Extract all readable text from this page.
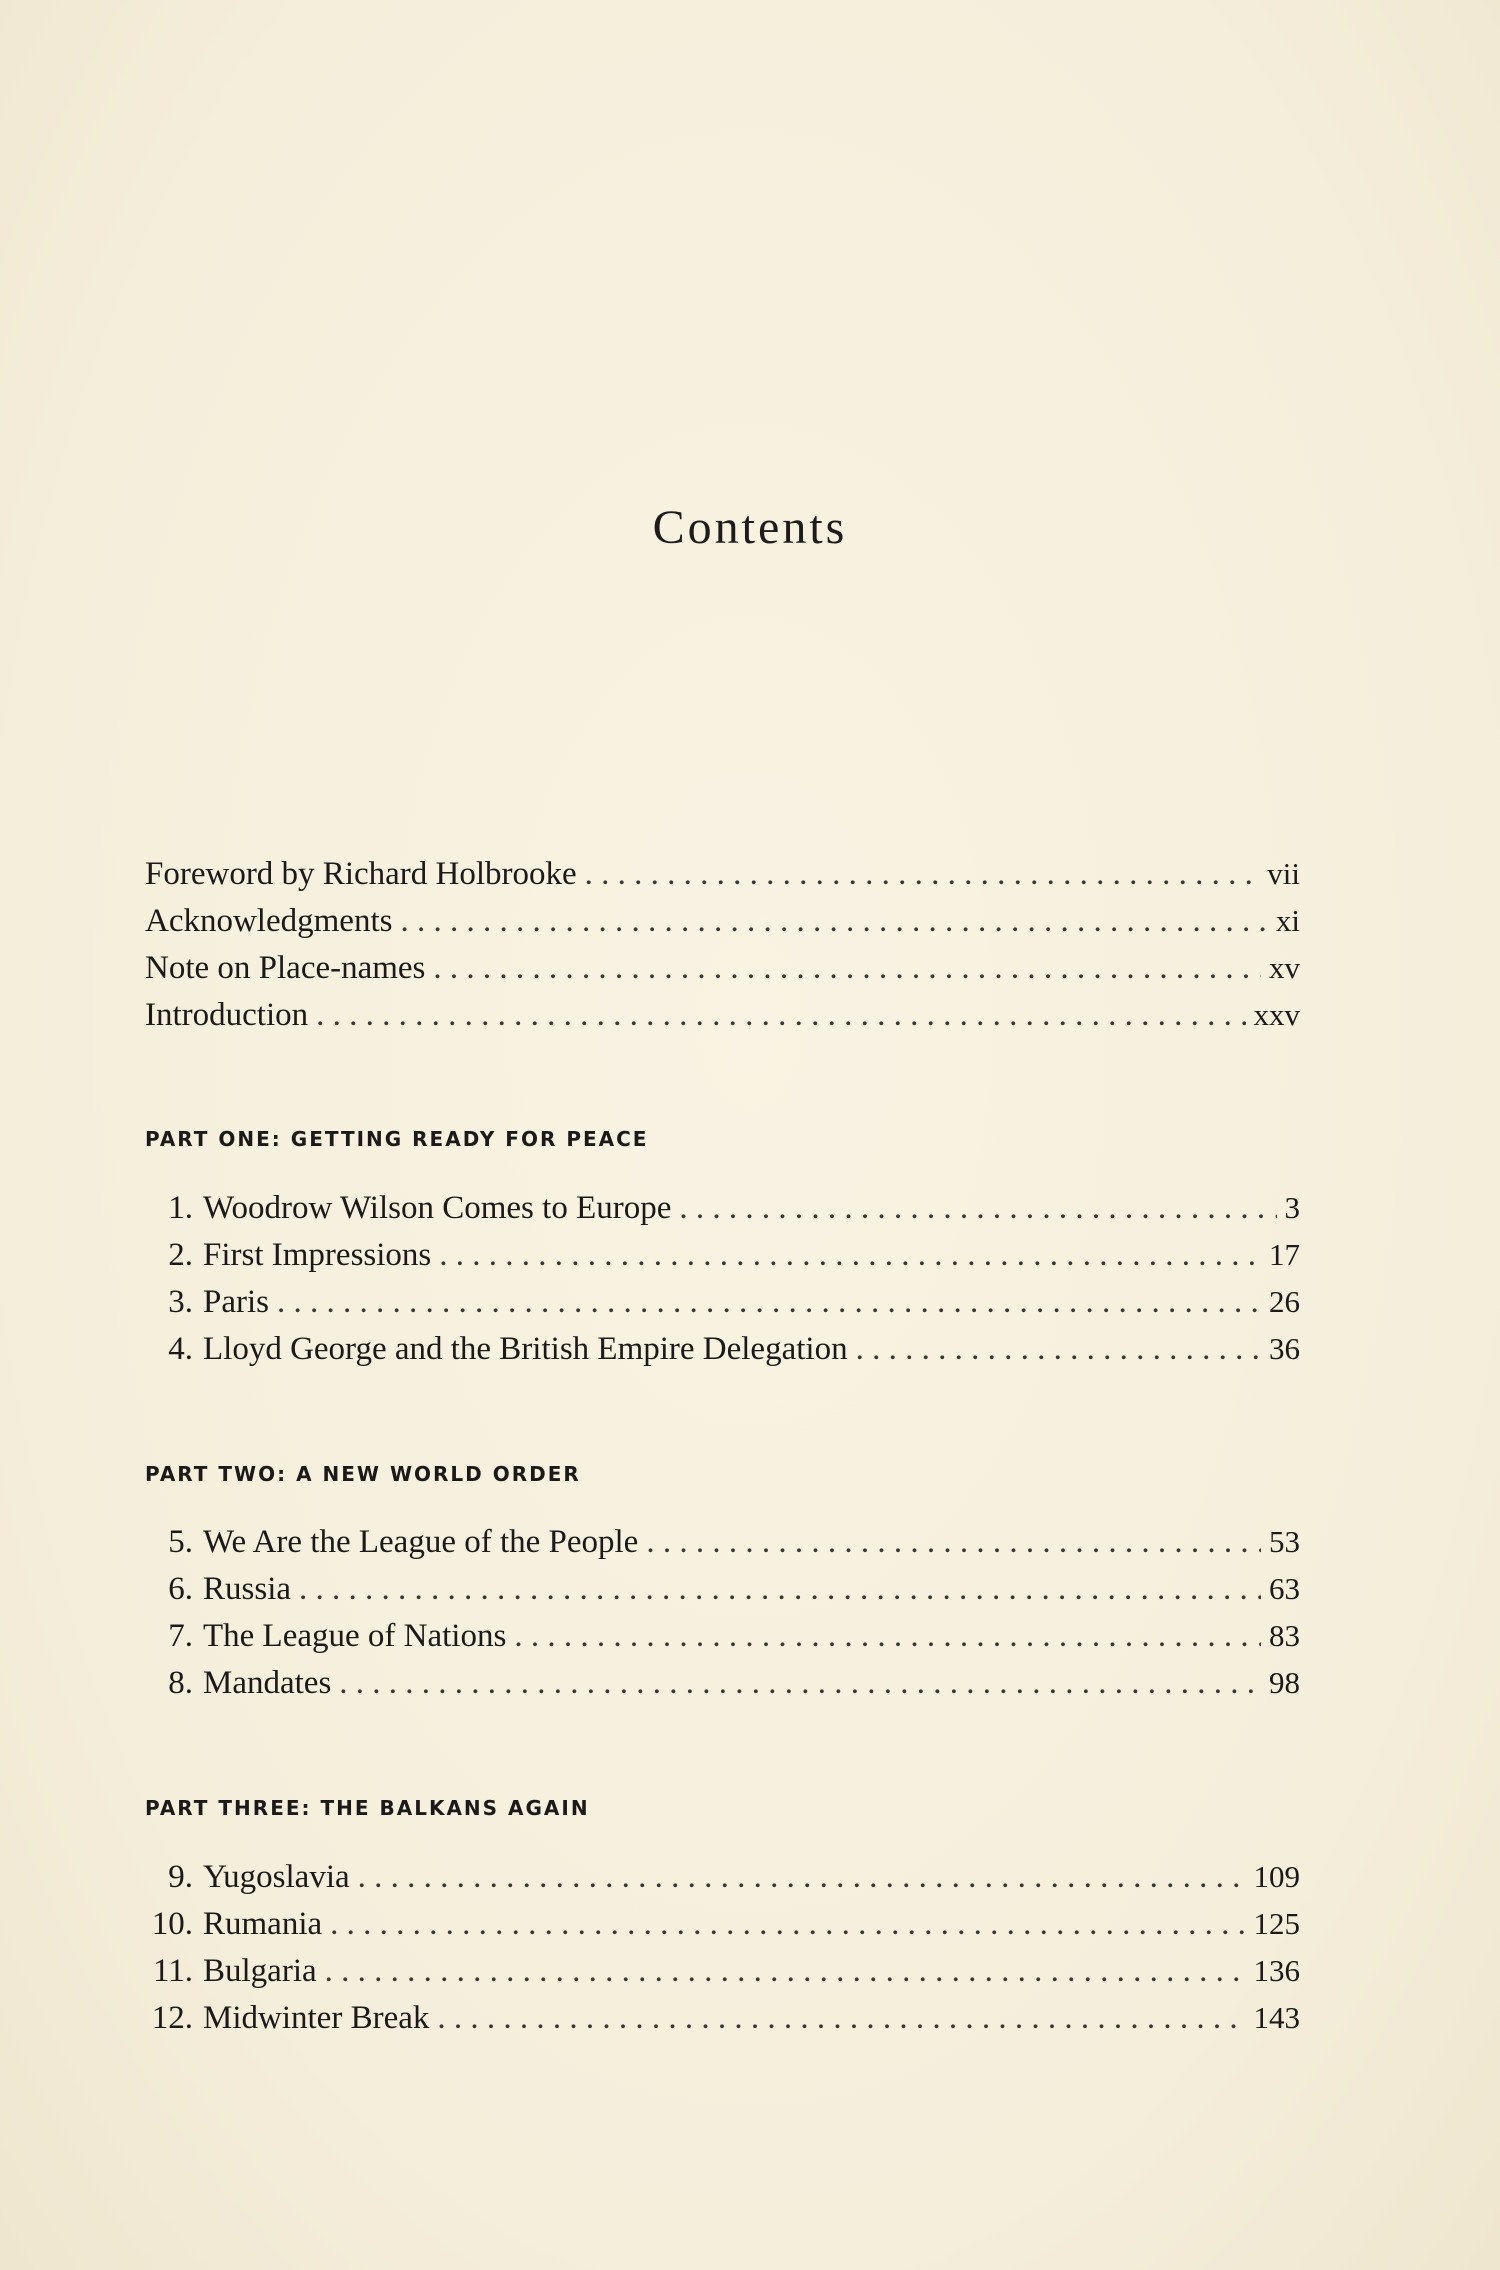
Contents
Foreword by Richard Holbrooke . . .	vii
Acknowledgments . . .	xi
Note on Place-names . . .	xv
Introduction . . .	xxv
PART ONE: GETTING READY FOR PEACE
1. Woodrow Wilson Comes to Europe . . .	3
2. First Impressions . . .	17
3. Paris . . .	26
4. Lloyd George and the British Empire Delegation . . .	36
PART TWO: A NEW WORLD ORDER
5. We Are the League of the People . . .	53
6. Russia . . .	63
7. The League of Nations . . .	83
8. Mandates . . .	98
PART THREE: THE BALKANS AGAIN
9. Yugoslavia . . .	109
10. Rumania . . .	125
11. Bulgaria . . .	136
12. Midwinter Break . . .	143
